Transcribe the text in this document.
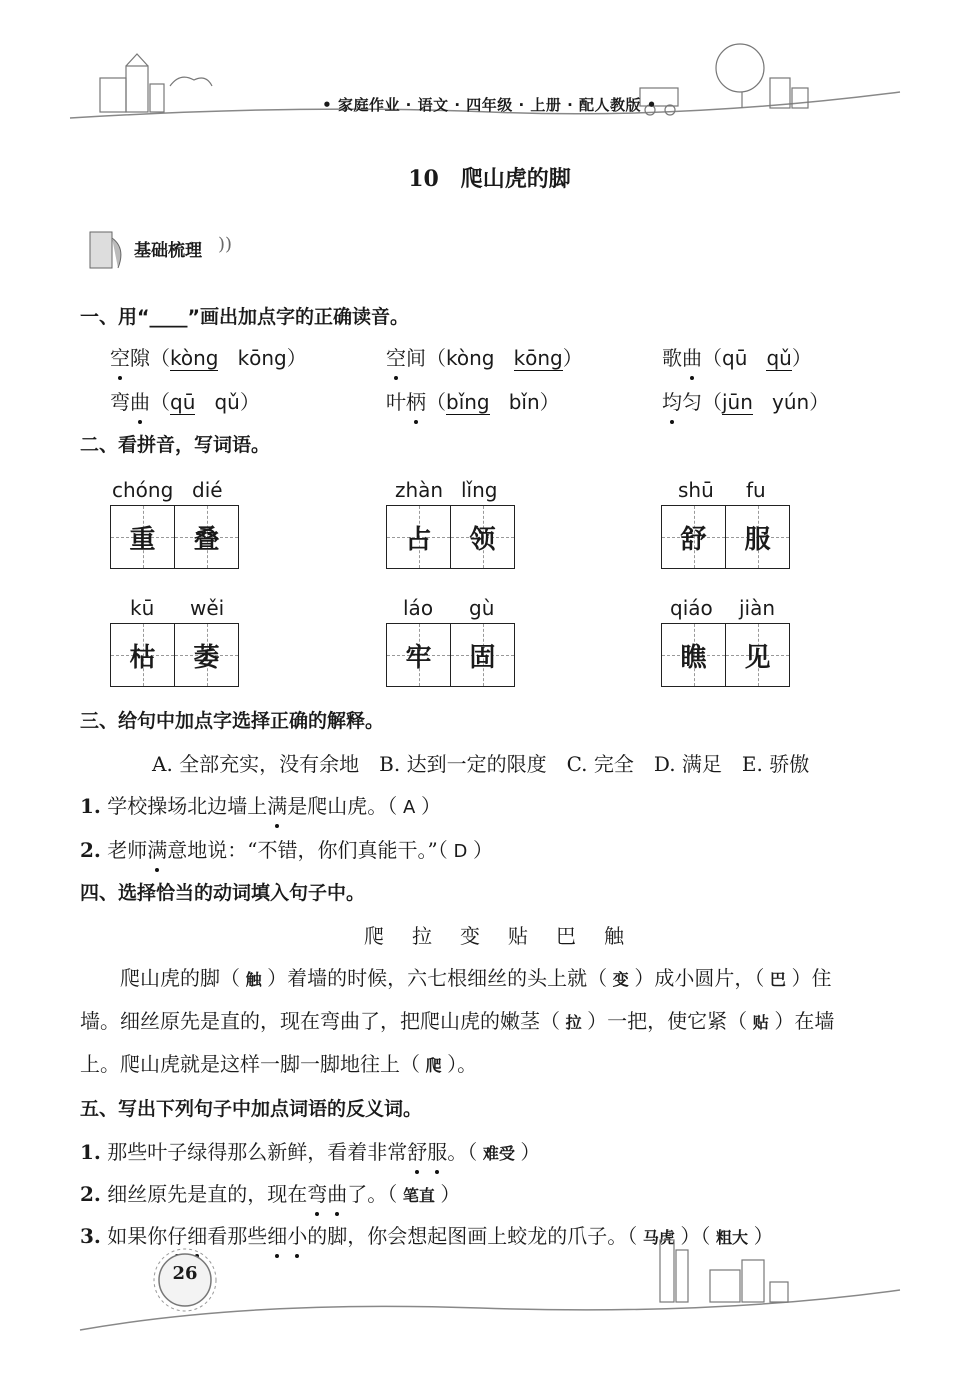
• 家庭作业 · 语文 · 四年级 · 上册 · 配人教版 •
10　爬山虎的脚
基础梳理 ))
一、用“____”画出加点字的正确读音。
空隙（kòng kōng）	空间（kòng kōng）	歌曲（qū qǔ）
弯曲（qū qǔ）	叶柄（bǐng bǐn）	均匀（jūn yún）
二、看拼音，写词语。
chóng dié
重 叠
zhàn lǐng
占 领
shū fu
舒 服
kū wěi
枯 萎
láo gù
牢 固
qiáo jiàn
瞧 见
三、给句中加点字选择正确的解释。
A. 全部充实，没有余地　B. 达到一定的限度　C. 完全　D. 满足　E. 骄傲
1. 学校操场北边墙上满是爬山虎。（ A ）
2. 老师满意地说：“不错，你们真能干。”（ D ）
四、选择恰当的动词填入句子中。
爬　拉　变　贴　巴　触
爬山虎的脚（ 触 ）着墙的时候，六七根细丝的头上就（ 变 ）成小圆片，（ 巴 ）住
墙。细丝原先是直的，现在弯曲了，把爬山虎的嫩茎（ 拉 ）一把，使它紧（ 贴 ）在墙
上。爬山虎就是这样一脚一脚地往上（ 爬 ）。
五、写出下列句子中加点词语的反义词。
1. 那些叶子绿得那么新鲜，看着非常舒服。（ 难受 ）
2. 细丝原先是直的，现在弯曲了。（ 笔直 ）
3. 如果你仔细看那些细小的脚，你会想起图画上蛟龙的爪子。（ 马虎 ）（ 粗大 ）
26
